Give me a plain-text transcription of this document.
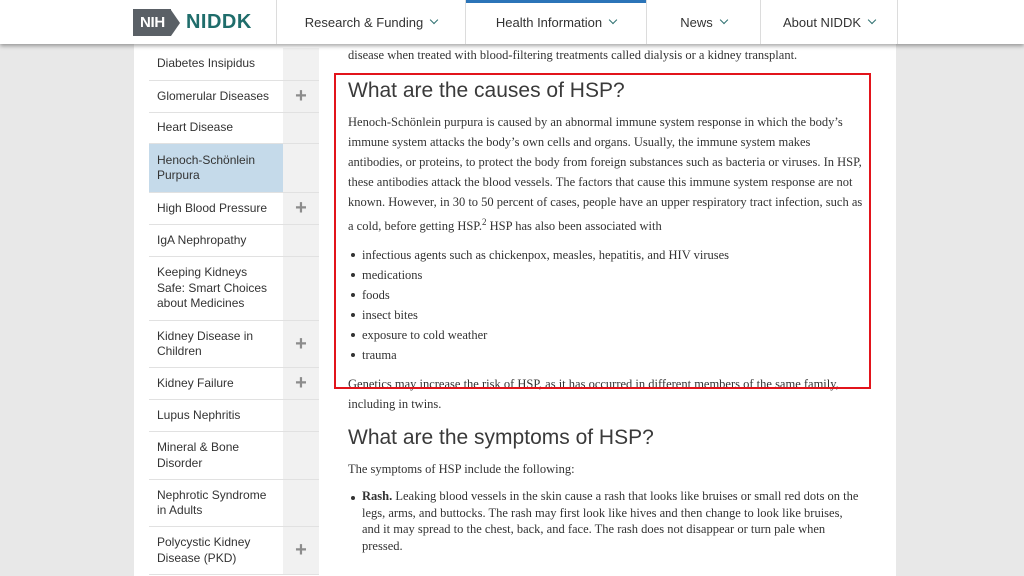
NIH	NIDDK	Research & Funding	Health Information	News	About NIDDK
Diabetes Insipidus
Glomerular Diseases	+
Heart Disease
Henoch-Schönlein Purpura
High Blood Pressure	+
IgA Nephropathy
Keeping Kidneys Safe: Smart Choices about Medicines
Kidney Disease in Children	+
Kidney Failure	+
Lupus Nephritis
Mineral & Bone Disorder
Nephrotic Syndrome in Adults
Polycystic Kidney Disease (PKD)	+
disease when treated with blood-filtering treatments called dialysis or a kidney transplant.
What are the causes of HSP?
Henoch-Schönlein purpura is caused by an abnormal immune system response in which the body’s immune system attacks the body’s own cells and organs. Usually, the immune system makes antibodies, or proteins, to protect the body from foreign substances such as bacteria or viruses. In HSP, these antibodies attack the blood vessels. The factors that cause this immune system response are not known. However, in 30 to 50 percent of cases, people have an upper respiratory tract infection, such as a cold, before getting HSP.$^2$ HSP has also been associated with
infectious agents such as chickenpox, measles, hepatitis, and HIV viruses
medications
foods
insect bites
exposure to cold weather
trauma
Genetics may increase the risk of HSP, as it has occurred in different members of the same family, including in twins.
What are the symptoms of HSP?
The symptoms of HSP include the following:
Rash. Leaking blood vessels in the skin cause a rash that looks like bruises or small red dots on the legs, arms, and buttocks. The rash may first look like hives and then change to look like bruises, and it may spread to the chest, back, and face. The rash does not disappear or turn pale when pressed.
